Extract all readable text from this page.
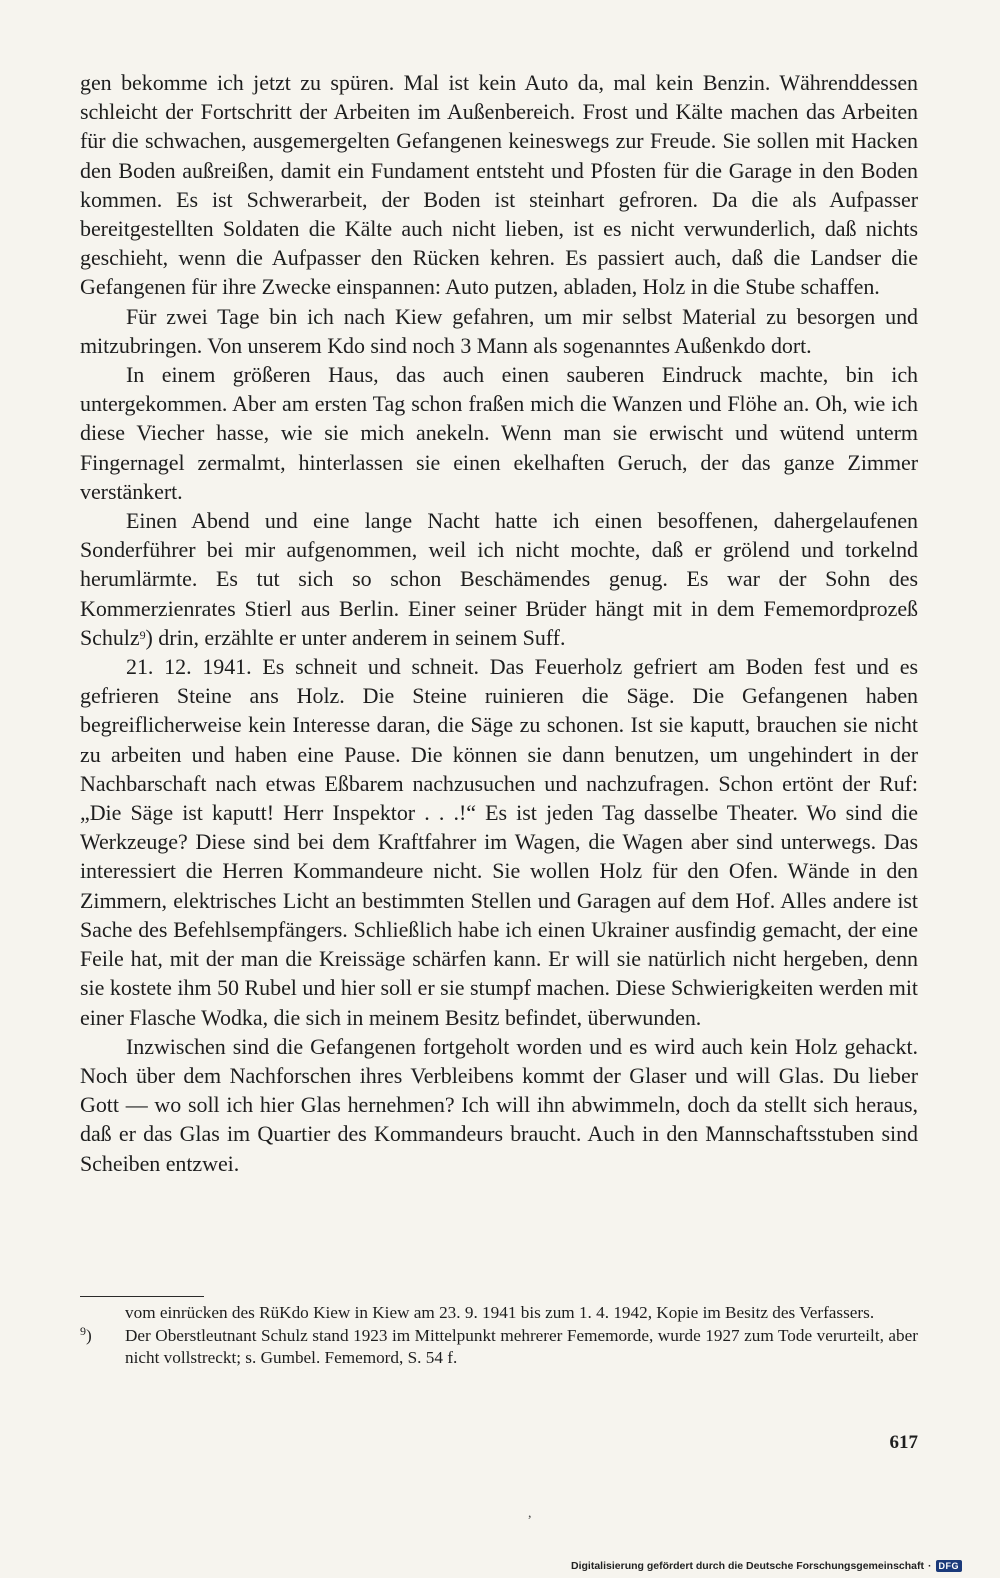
gen bekomme ich jetzt zu spüren. Mal ist kein Auto da, mal kein Benzin. Währenddessen schleicht der Fortschritt der Arbeiten im Außenbereich. Frost und Kälte machen das Arbeiten für die schwachen, ausgemergelten Gefangenen keineswegs zur Freude. Sie sollen mit Hacken den Boden außreißen, damit ein Fundament entsteht und Pfosten für die Garage in den Boden kommen. Es ist Schwerarbeit, der Boden ist steinhart gefroren. Da die als Aufpasser bereitgestellten Soldaten die Kälte auch nicht lieben, ist es nicht verwunderlich, daß nichts geschieht, wenn die Aufpasser den Rücken kehren. Es passiert auch, daß die Landser die Gefangenen für ihre Zwecke einspannen: Auto putzen, abladen, Holz in die Stube schaffen.

Für zwei Tage bin ich nach Kiew gefahren, um mir selbst Material zu besorgen und mitzubringen. Von unserem Kdo sind noch 3 Mann als sogenanntes Außenkdo dort.

In einem größeren Haus, das auch einen sauberen Eindruck machte, bin ich untergekommen. Aber am ersten Tag schon fraßen mich die Wanzen und Flöhe an. Oh, wie ich diese Viecher hasse, wie sie mich anekeln. Wenn man sie erwischt und wütend unterm Fingernagel zermalmt, hinterlassen sie einen ekelhaften Geruch, der das ganze Zimmer verstänkert.

Einen Abend und eine lange Nacht hatte ich einen besoffenen, dahergelaufenen Sonderführer bei mir aufgenommen, weil ich nicht mochte, daß er grölend und torkelnd herumlärmte. Es tut sich so schon Beschämendes genug. Es war der Sohn des Kommerzienrates Stierl aus Berlin. Einer seiner Brüder hängt mit in dem Fememordprozeß Schulz$^9$) drin, erzählte er unter anderem in seinem Suff.

21. 12. 1941. Es schneit und schneit. Das Feuerholz gefriert am Boden fest und es gefrieren Steine ans Holz. Die Steine ruinieren die Säge. Die Gefangenen haben begreiflicherweise kein Interesse daran, die Säge zu schonen. Ist sie kaputt, brauchen sie nicht zu arbeiten und haben eine Pause. Die können sie dann benutzen, um ungehindert in der Nachbarschaft nach etwas Eßbarem nachzusuchen und nachzufragen. Schon ertönt der Ruf: „Die Säge ist kaputt! Herr Inspektor . . .!“ Es ist jeden Tag dasselbe Theater. Wo sind die Werkzeuge? Diese sind bei dem Kraftfahrer im Wagen, die Wagen aber sind unterwegs. Das interessiert die Herren Kommandeure nicht. Sie wollen Holz für den Ofen. Wände in den Zimmern, elektrisches Licht an bestimmten Stellen und Garagen auf dem Hof. Alles andere ist Sache des Befehlsempfängers. Schließlich habe ich einen Ukrainer ausfindig gemacht, der eine Feile hat, mit der man die Kreissäge schärfen kann. Er will sie natürlich nicht hergeben, denn sie kostete ihm 50 Rubel und hier soll er sie stumpf machen. Diese Schwierigkeiten werden mit einer Flasche Wodka, die sich in meinem Besitz befindet, überwunden.

Inzwischen sind die Gefangenen fortgeholt worden und es wird auch kein Holz gehackt. Noch über dem Nachforschen ihres Verbleibens kommt der Glaser und will Glas. Du lieber Gott — wo soll ich hier Glas hernehmen? Ich will ihn abwimmeln, doch da stellt sich heraus, daß er das Glas im Quartier des Kommandeurs braucht. Auch in den Mannschaftsstuben sind Scheiben entzwei.

vom einrücken des RüKdo Kiew in Kiew am 23. 9. 1941 bis zum 1. 4. 1942, Kopie im Besitz des Verfassers.
$^9$)	Der Oberstleutnant Schulz stand 1923 im Mittelpunkt mehrerer Fememorde, wurde 1927 zum Tode verurteilt, aber nicht vollstreckt; s. Gumbel. Fememord, S. 54 f.
617
,
Digitalisierung gefördert durch die Deutsche Forschungsgemeinschaft · DFG
